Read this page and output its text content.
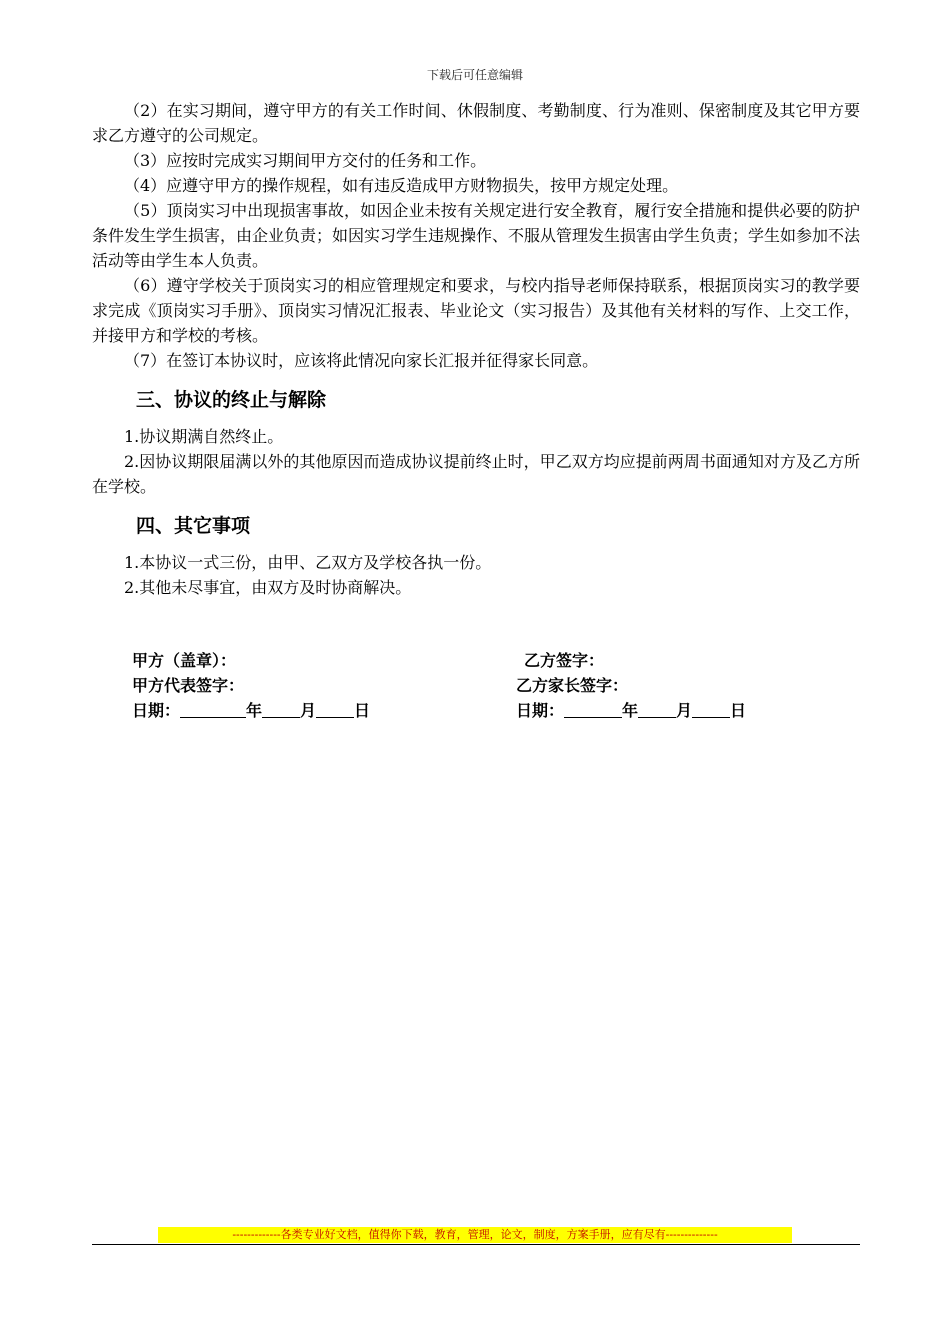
下载后可任意编辑

（2）在实习期间，遵守甲方的有关工作时间、休假制度、考勤制度、行为准则、保密制度及其它甲方要求乙方遵守的公司规定。

（3）应按时完成实习期间甲方交付的任务和工作。

（4）应遵守甲方的操作规程，如有违反造成甲方财物损失，按甲方规定处理。

（5）顶岗实习中出现损害事故，如因企业未按有关规定进行安全教育，履行安全措施和提供必要的防护条件发生学生损害，由企业负责；如因实习学生违规操作、不服从管理发生损害由学生负责；学生如参加不法活动等由学生本人负责。

（6）遵守学校关于顶岗实习的相应管理规定和要求，与校内指导老师保持联系，根据顶岗实习的教学要求完成《顶岗实习手册》、顶岗实习情况汇报表、毕业论文（实习报告）及其他有关材料的写作、上交工作，并接甲方和学校的考核。

（7）在签订本协议时，应该将此情况向家长汇报并征得家长同意。

三、协议的终止与解除

1.协议期满自然终止。

2.因协议期限届满以外的其他原因而造成协议提前终止时，甲乙双方均应提前两周书面通知对方及乙方所在学校。

四、其它事项

1.本协议一式三份，由甲、乙双方及学校各执一份。

2.其他未尽事宜，由双方及时协商解决。

甲方（盖章）：	乙方签字：
甲方代表签字：	乙方家长签字：
日期：	年 月 日	日期：	年 月 日
-------------各类专业好文档，值得你下载，教育，管理，论文，制度，方案手册，应有尽有--------------
